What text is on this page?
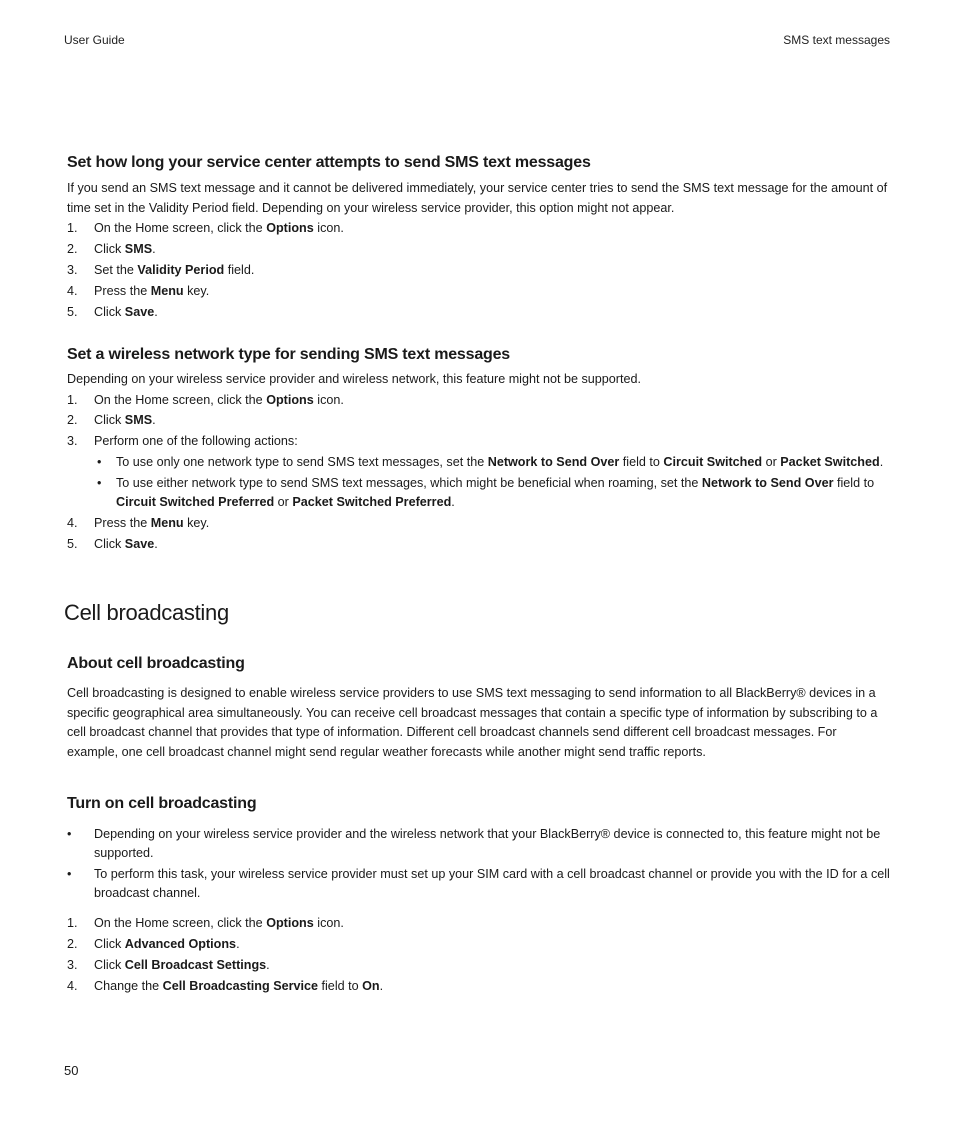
User Guide	SMS text messages
Set how long your service center attempts to send SMS text messages

If you send an SMS text message and it cannot be delivered immediately, your service center tries to send the SMS text message for the amount of time set in the Validity Period field. Depending on your wireless service provider, this option might not appear.

1. On the Home screen, click the Options icon.
2. Click SMS.
3. Set the Validity Period field.
4. Press the Menu key.
5. Click Save.
Set a wireless network type for sending SMS text messages

Depending on your wireless service provider and wireless network, this feature might not be supported.

1. On the Home screen, click the Options icon.
2. Click SMS.
3. Perform one of the following actions:
• To use only one network type to send SMS text messages, set the Network to Send Over field to Circuit Switched or Packet Switched.
• To use either network type to send SMS text messages, which might be beneficial when roaming, set the Network to Send Over field to Circuit Switched Preferred or Packet Switched Preferred.
4. Press the Menu key.
5. Click Save.
Cell broadcasting
About cell broadcasting

Cell broadcasting is designed to enable wireless service providers to use SMS text messaging to send information to all BlackBerry® devices in a specific geographical area simultaneously. You can receive cell broadcast messages that contain a specific type of information by subscribing to a cell broadcast channel that provides that type of information. Different cell broadcast channels send different cell broadcast messages. For example, one cell broadcast channel might send regular weather forecasts while another might send traffic reports.

Turn on cell broadcasting
• Depending on your wireless service provider and the wireless network that your BlackBerry® device is connected to, this feature might not be supported.
• To perform this task, your wireless service provider must set up your SIM card with a cell broadcast channel or provide you with the ID for a cell broadcast channel.
1. On the Home screen, click the Options icon.
2. Click Advanced Options.
3. Click Cell Broadcast Settings.
4. Change the Cell Broadcasting Service field to On.
50
